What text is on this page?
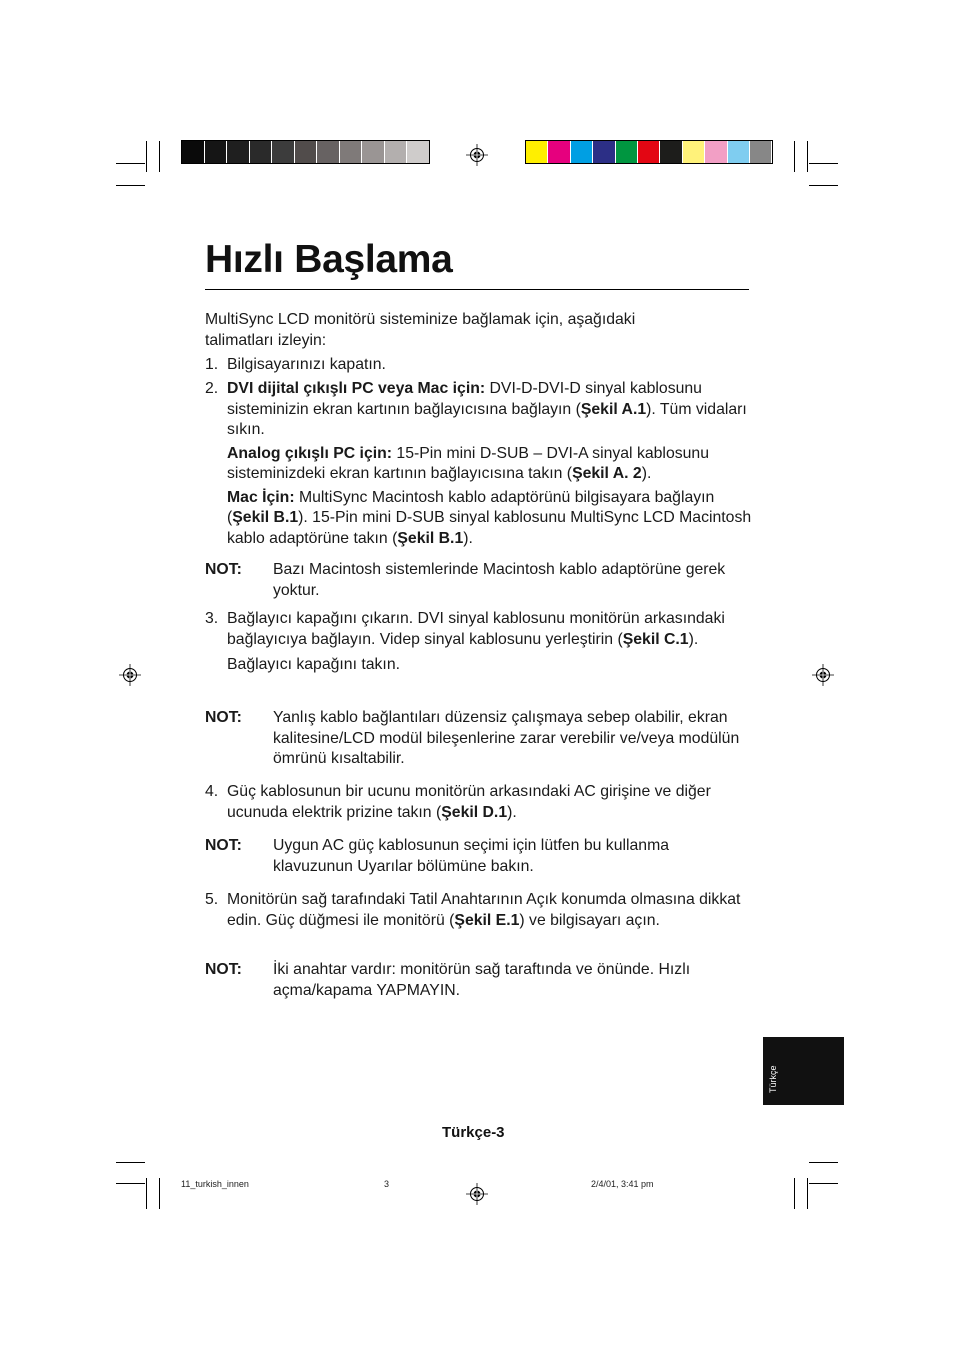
Hızlı Başlama

MultiSync LCD monitörü sisteminize bağlamak için, aşağıdaki talimatları izleyin:

1. Bilgisayarınızı kapatın.
2. DVI dijital çıkışlı PC veya Mac için: DVI-D-DVI-D sinyal kablosunu sisteminizin ekran kartının bağlayıcısına bağlayın (Şekil A.1). Tüm vidaları sıkın.

Analog çıkışlı PC için: 15-Pin mini D-SUB – DVI-A sinyal kablosunu sisteminizdeki ekran kartının bağlayıcısına takın (Şekil A. 2).

Mac İçin: MultiSync Macintosh kablo adaptörünü bilgisayara bağlayın (Şekil B.1). 15-Pin mini D-SUB sinyal kablosunu MultiSync LCD Macintosh kablo adaptörüne takın (Şekil B.1).

NOT: Bazı Macintosh sistemlerinde Macintosh kablo adaptörüne gerek yoktur.
3. Bağlayıcı kapağını çıkarın. DVI sinyal kablosunu monitörün arkasındaki bağlayıcıya bağlayın. Videp sinyal kablosunu yerleştirin (Şekil C.1).

Bağlayıcı kapağını takın.

NOT: Yanlış kablo bağlantıları düzensiz çalışmaya sebep olabilir, ekran kalitesine/LCD modül bileşenlerine zarar verebilir ve/veya modülün ömrünü kısaltabilir.
4. Güç kablosunun bir ucunu monitörün arkasındaki AC girişine ve diğer ucunuda elektrik prizine takın (Şekil D.1).

NOT: Uygun AC güç kablosunun seçimi için lütfen bu kullanma klavuzunun Uyarılar bölümüne bakın.
5. Monitörün sağ tarafındaki Tatil Anahtarının Açık konumda olmasına dikkat edin. Güç düğmesi ile monitörü (Şekil E.1) ve bilgisayarı açın.

NOT: İki anahtar vardır: monitörün sağ taraftında ve önünde. Hızlı açma/kapama YAPMAYIN.
Türkçe
Türkçe-3
11_turkish_innen	3	2/4/01, 3:41 pm
